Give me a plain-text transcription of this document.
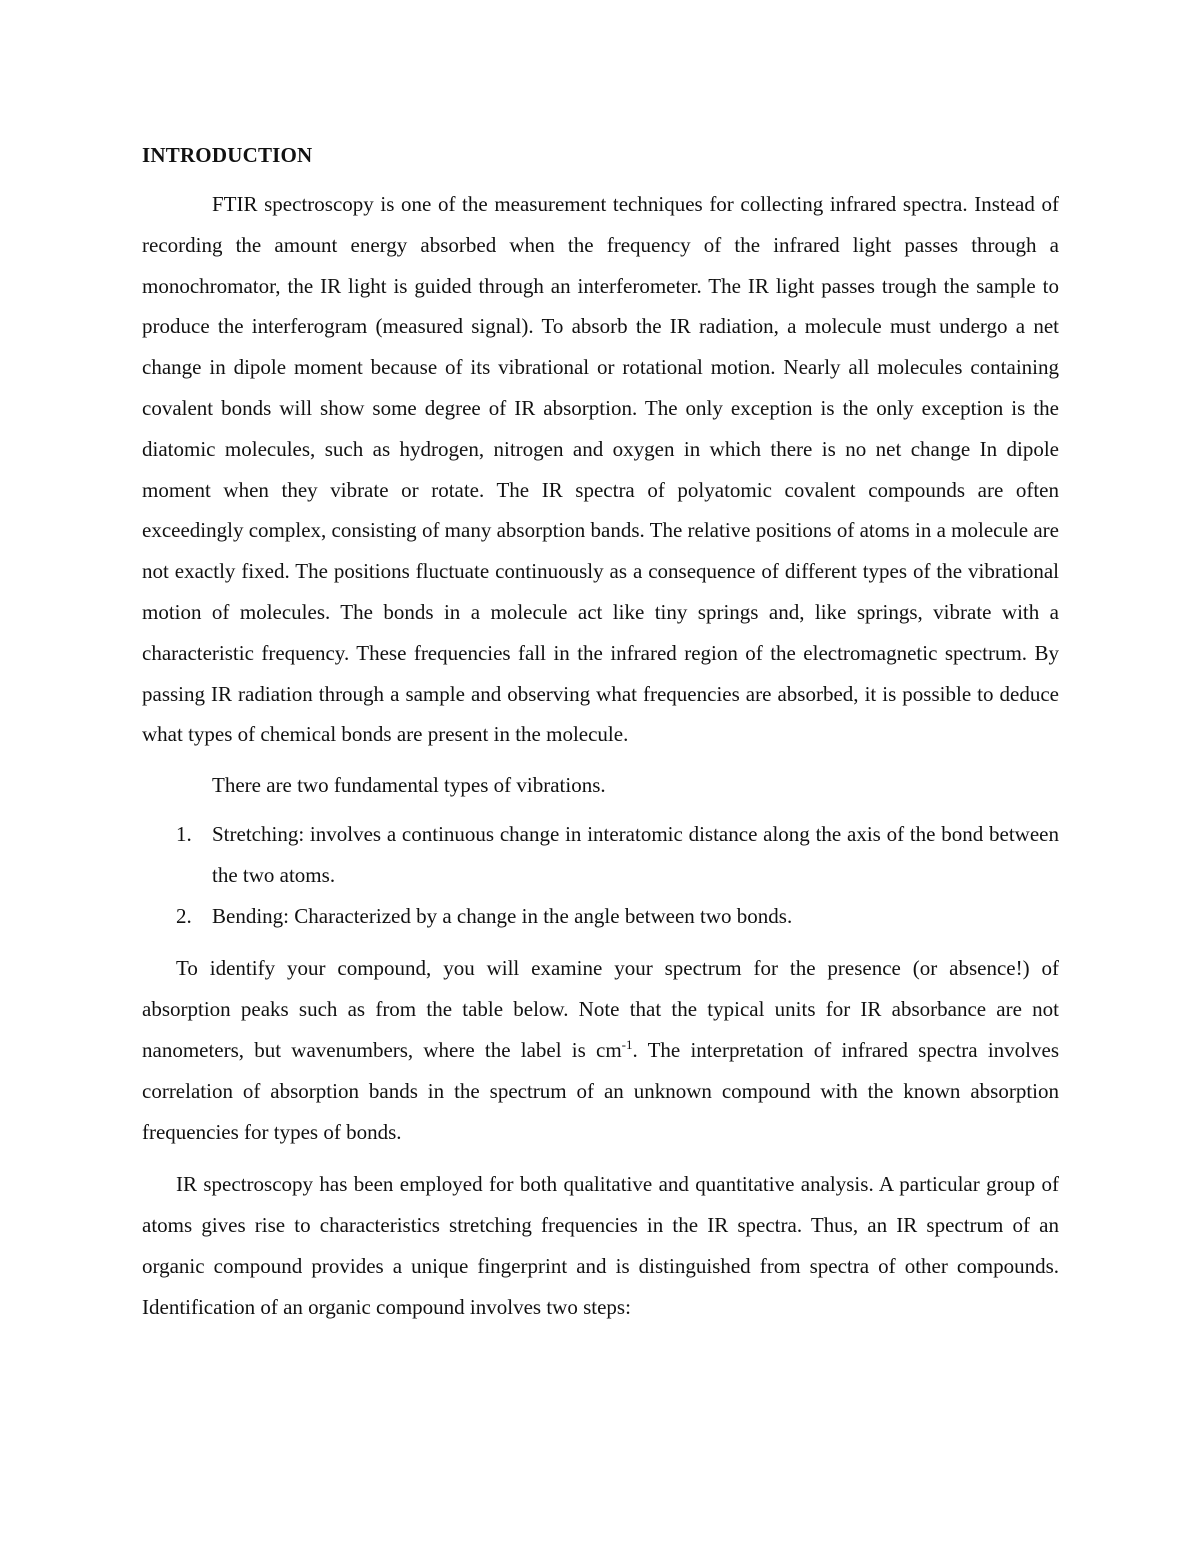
INTRODUCTION

FTIR spectroscopy is one of the measurement techniques for collecting infrared spectra. Instead of recording the amount energy absorbed when the frequency of the infrared light passes through a monochromator, the IR light is guided through an interferometer. The IR light passes trough the sample to produce the interferogram (measured signal). To absorb the IR radiation, a molecule must undergo a net change in dipole moment because of its vibrational or rotational motion. Nearly all molecules containing covalent bonds will show some degree of IR absorption. The only exception is the only exception is the diatomic molecules, such as hydrogen, nitrogen and oxygen in which there is no net change In dipole moment when they vibrate or rotate. The IR spectra of polyatomic covalent compounds are often exceedingly complex, consisting of many absorption bands. The relative positions of atoms in a molecule are not exactly fixed. The positions fluctuate continuously as a consequence of different types of the vibrational motion of molecules. The bonds in a molecule act like tiny springs and, like springs, vibrate with a characteristic frequency. These frequencies fall in the infrared region of the electromagnetic spectrum. By passing IR radiation through a sample and observing what frequencies are absorbed, it is possible to deduce what types of chemical bonds are present in the molecule.

There are two fundamental types of vibrations.

1. Stretching: involves a continuous change in interatomic distance along the axis of the bond between the two atoms.
2. Bending: Characterized by a change in the angle between two bonds.

To identify your compound, you will examine your spectrum for the presence (or absence!) of absorption peaks such as from the table below. Note that the typical units for IR absorbance are not nanometers, but wavenumbers, where the label is $cm^{-1}$. The interpretation of infrared spectra involves correlation of absorption bands in the spectrum of an unknown compound with the known absorption frequencies for types of bonds.

IR spectroscopy has been employed for both qualitative and quantitative analysis. A particular group of atoms gives rise to characteristics stretching frequencies in the IR spectra. Thus, an IR spectrum of an organic compound provides a unique fingerprint and is distinguished from spectra of other compounds. Identification of an organic compound involves two steps:
